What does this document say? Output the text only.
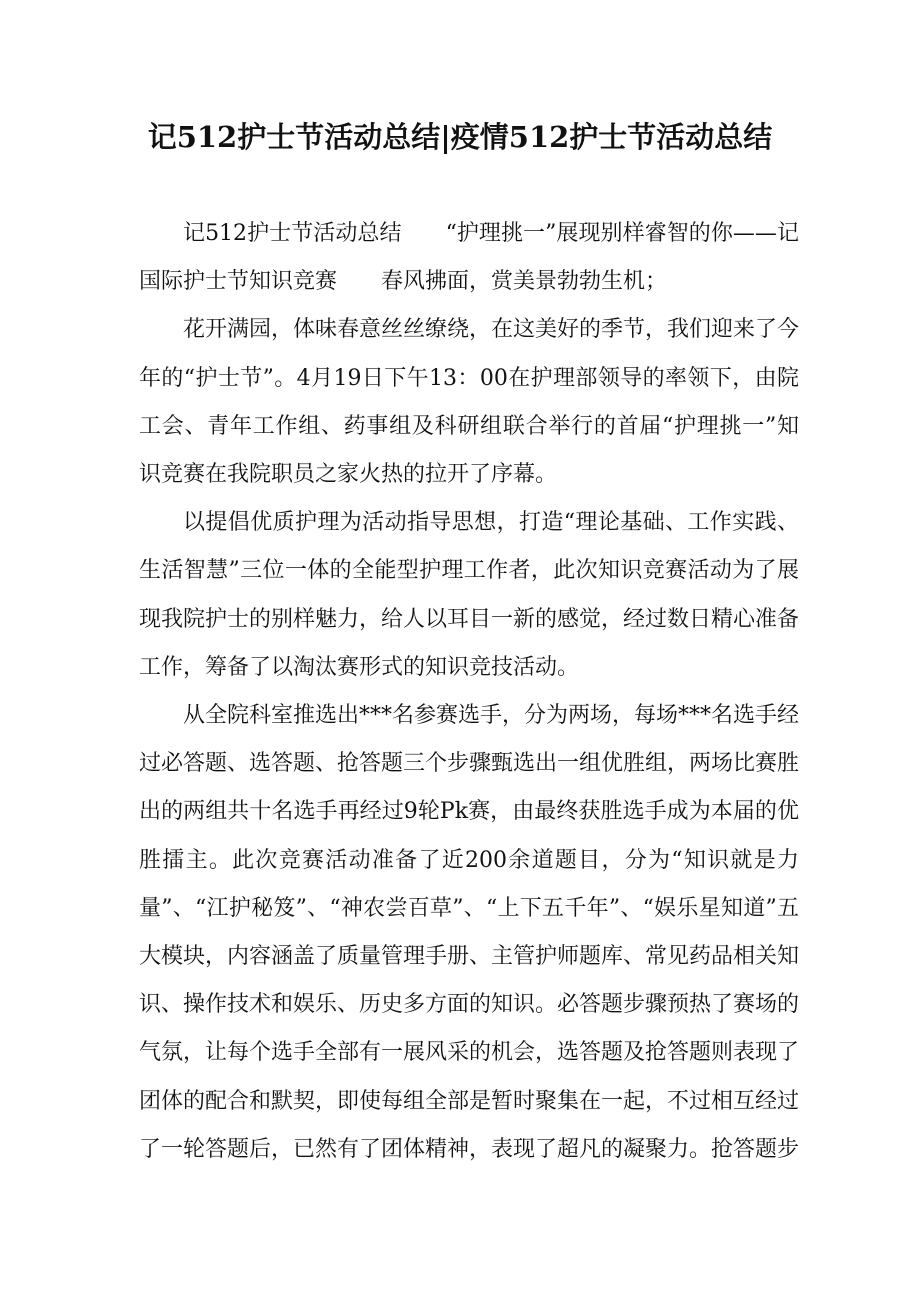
记512护士节活动总结|疫情512护士节活动总结

记512护士节活动总结 “护理挑一”展现别样睿智的你——记国际护士节知识竞赛 春风拂面，赏美景勃勃生机；

花开满园，体味春意丝丝缭绕，在这美好的季节，我们迎来了今年的“护士节”。4月19日下午13：00在护理部领导的率领下，由院工会、青年工作组、药事组及科研组联合举行的首届“护理挑一”知识竞赛在我院职员之家火热的拉开了序幕。

以提倡优质护理为活动指导思想，打造“理论基础、工作实践、生活智慧”三位一体的全能型护理工作者，此次知识竞赛活动为了展现我院护士的别样魅力，给人以耳目一新的感觉，经过数日精心准备工作，筹备了以淘汰赛形式的知识竞技活动。

从全院科室推选出***名参赛选手，分为两场，每场***名选手经过必答题、选答题、抢答题三个步骤甄选出一组优胜组，两场比赛胜出的两组共十名选手再经过9轮Pk赛，由最终获胜选手成为本届的优胜擂主。此次竞赛活动准备了近200余道题目，分为“知识就是力量”、“江护秘笈”、“神农尝百草”、“上下五千年”、“娱乐星知道”五大模块，内容涵盖了质量管理手册、主管护师题库、常见药品相关知识、操作技术和娱乐、历史多方面的知识。必答题步骤预热了赛场的气氛，让每个选手全部有一展风采的机会，选答题及抢答题则表现了团体的配合和默契，即使每组全部是暂时聚集在一起，不过相互经过了一轮答题后，已然有了团体精神，表现了超凡的凝聚力。抢答题步
